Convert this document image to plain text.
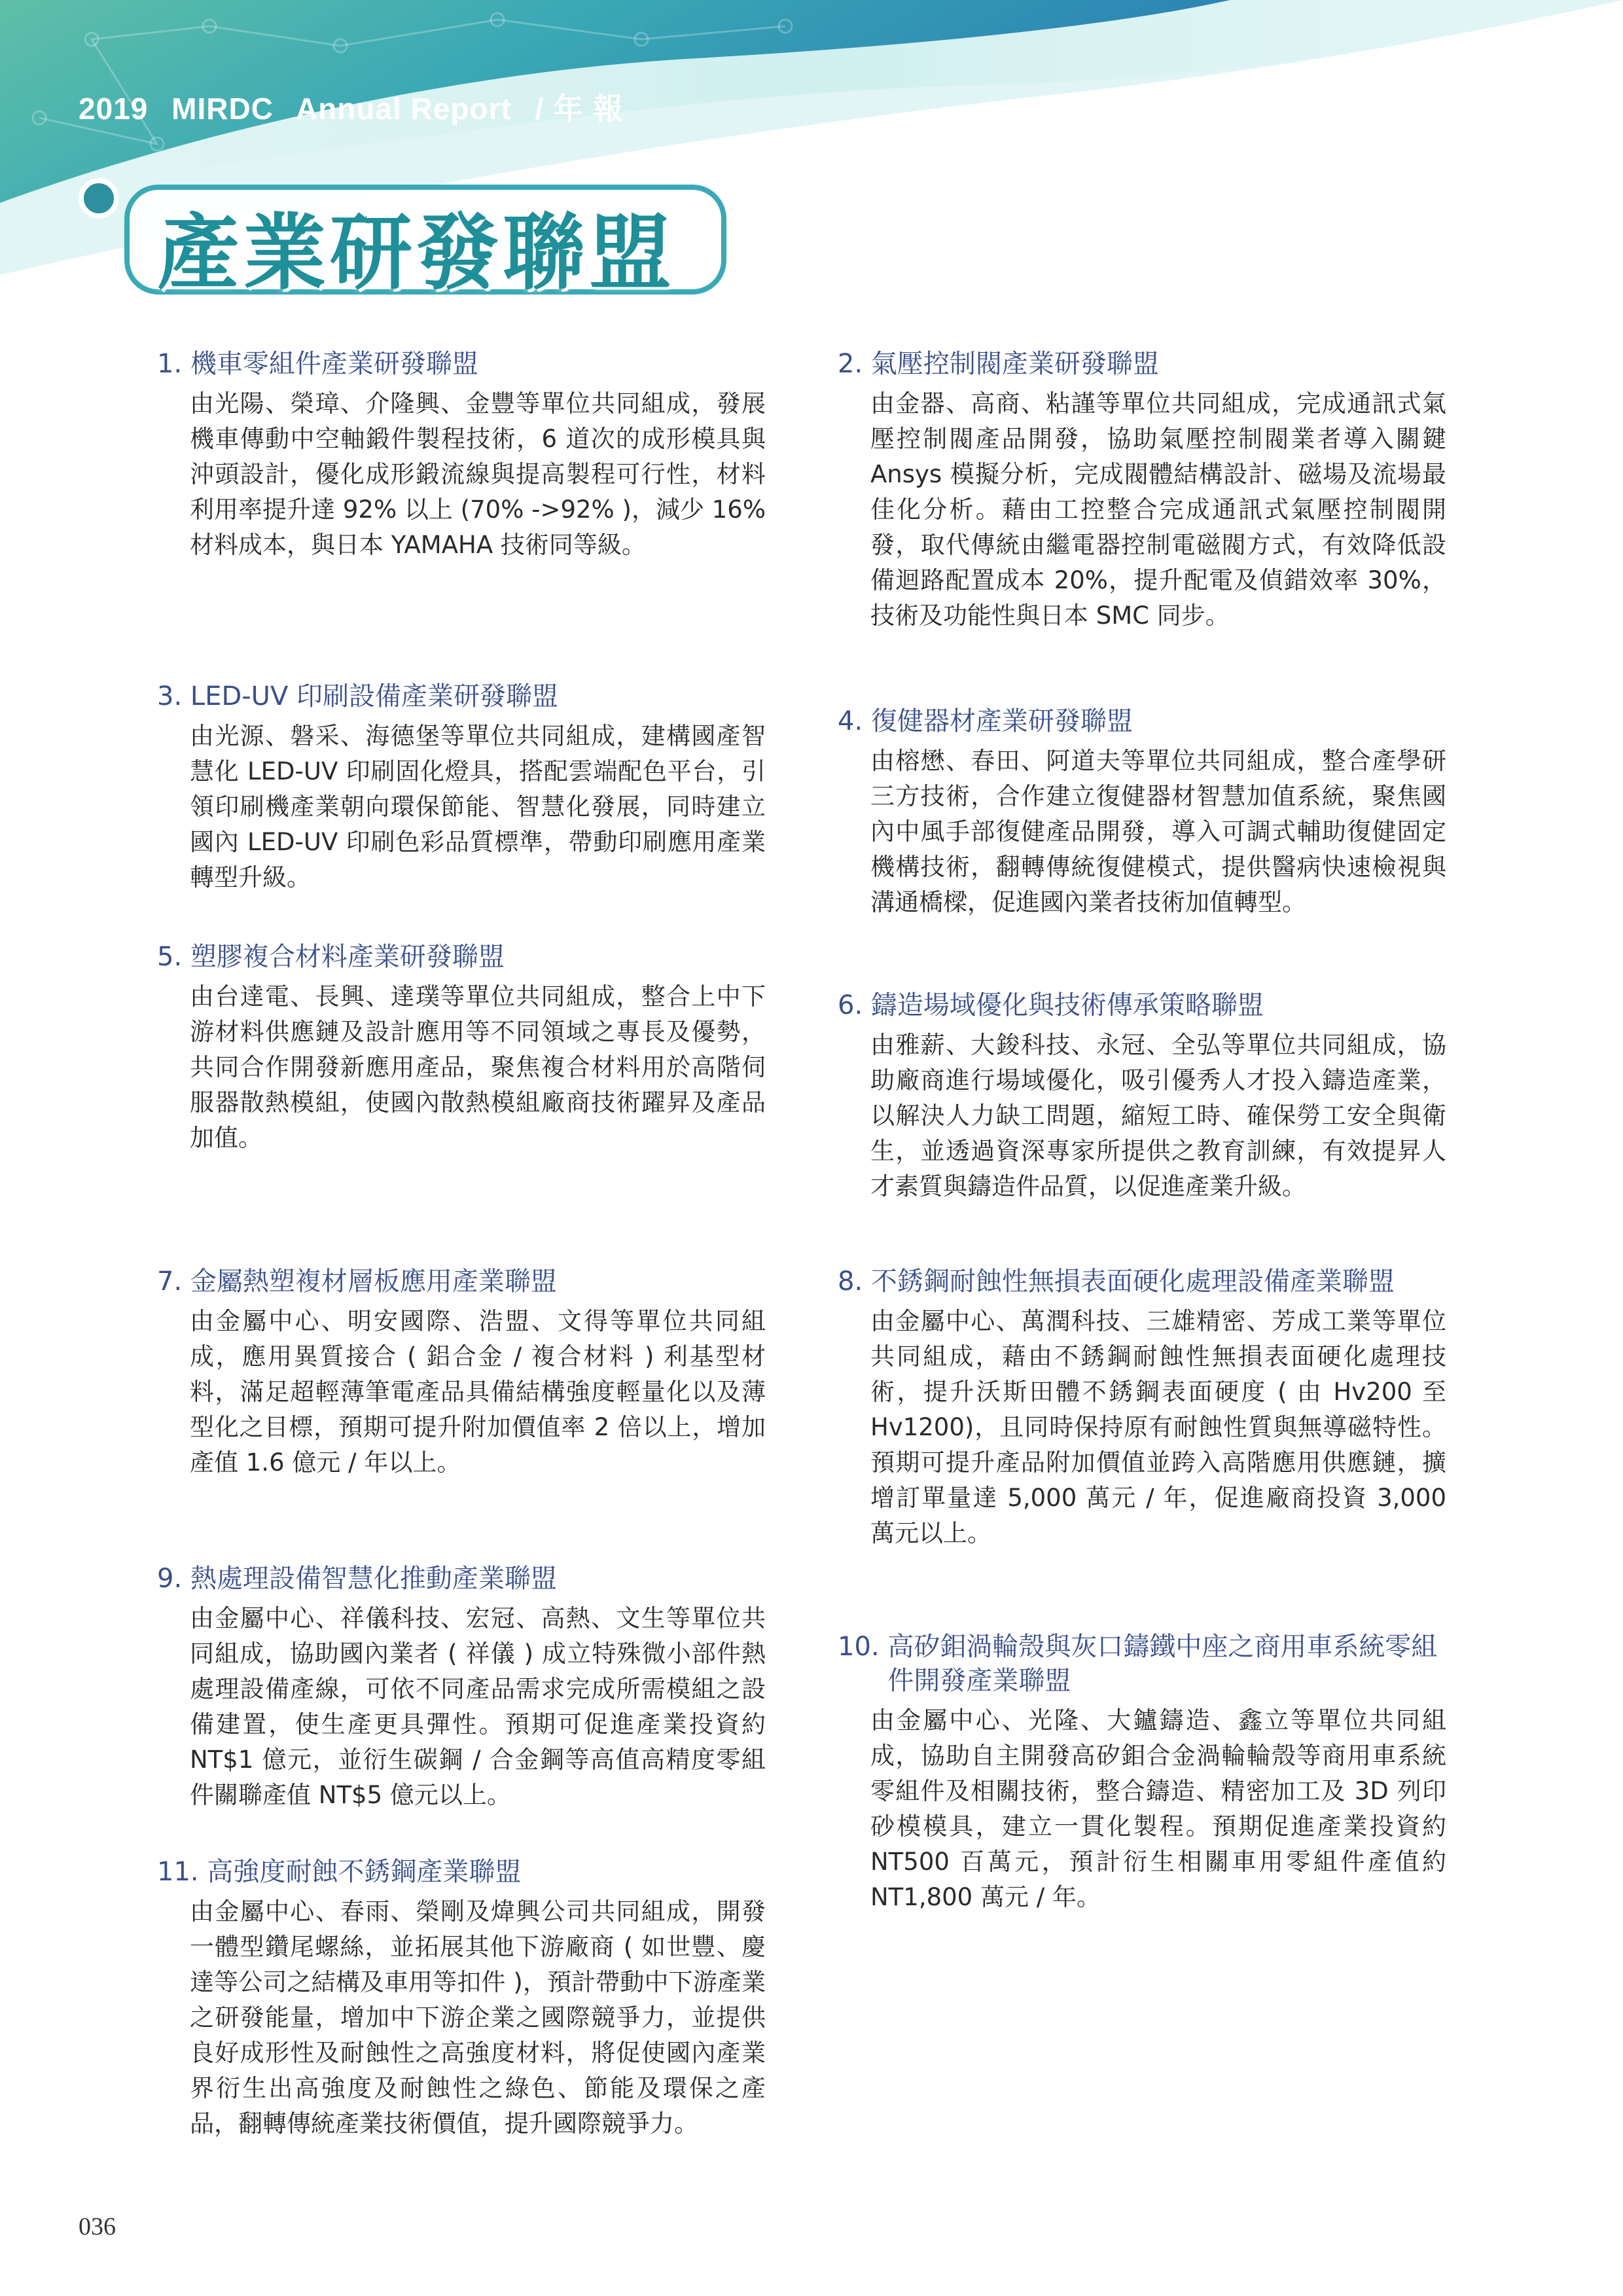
2019 MIRDC Annual Report / 年 報
產業研發聯盟
1.
機車零組件產業研發聯盟

由光陽、榮璋、介隆興、金豐等單位共同組成，發展機車傳動中空軸鍛件製程技術，6 道次的成形模具與沖頭設計，優化成形鍛流線與提高製程可行性，材料利用率提升達 92% 以上 (70% ->92% )，減少 16% 材料成本，與日本 YAMAHA 技術同等級。

3.
LED-UV 印刷設備產業研發聯盟

由光源、磐采、海德堡等單位共同組成，建構國產智慧化 LED-UV 印刷固化燈具，搭配雲端配色平台，引領印刷機產業朝向環保節能、智慧化發展，同時建立國內 LED-UV 印刷色彩品質標準，帶動印刷應用產業轉型升級。

5.
塑膠複合材料產業研發聯盟

由台達電、長興、達璞等單位共同組成，整合上中下游材料供應鏈及設計應用等不同領域之專長及優勢，共同合作開發新應用產品，聚焦複合材料用於高階伺服器散熱模組，使國內散熱模組廠商技術躍昇及產品加值。

7.
金屬熱塑複材層板應用產業聯盟

由金屬中心、明安國際、浩盟、文得等單位共同組成，應用異質接合 ( 鋁合金 / 複合材料 ) 利基型材料，滿足超輕薄筆電產品具備結構強度輕量化以及薄型化之目標，預期可提升附加價值率 2 倍以上，增加產值 1.6 億元 / 年以上。

9.
熱處理設備智慧化推動產業聯盟

由金屬中心、祥儀科技、宏冠、高熱、文生等單位共同組成，協助國內業者 ( 祥儀 ) 成立特殊微小部件熱處理設備產線，可依不同產品需求完成所需模組之設備建置，使生產更具彈性。預期可促進產業投資約 NT$1 億元，並衍生碳鋼 / 合金鋼等高值高精度零組件關聯產值 NT$5 億元以上。

11.
高強度耐蝕不銹鋼產業聯盟

由金屬中心、春雨、榮剛及煒興公司共同組成，開發一體型鑽尾螺絲，並拓展其他下游廠商 ( 如世豐、慶達等公司之結構及車用等扣件 )，預計帶動中下游產業之研發能量，增加中下游企業之國際競爭力，並提供良好成形性及耐蝕性之高強度材料，將促使國內產業界衍生出高強度及耐蝕性之綠色、節能及環保之產品，翻轉傳統產業技術價值，提升國際競爭力。

2.
氣壓控制閥產業研發聯盟

由金器、高商、粘謹等單位共同組成，完成通訊式氣壓控制閥產品開發，協助氣壓控制閥業者導入關鍵 Ansys 模擬分析，完成閥體結構設計、磁場及流場最佳化分析。藉由工控整合完成通訊式氣壓控制閥開發，取代傳統由繼電器控制電磁閥方式，有效降低設備迴路配置成本 20%，提升配電及偵錯效率 30%，技術及功能性與日本 SMC 同步。

4.
復健器材產業研發聯盟

由榕懋、春田、阿道夫等單位共同組成，整合產學研三方技術，合作建立復健器材智慧加值系統，聚焦國內中風手部復健產品開發，導入可調式輔助復健固定機構技術，翻轉傳統復健模式，提供醫病快速檢視與溝通橋樑，促進國內業者技術加值轉型。

6.
鑄造場域優化與技術傳承策略聯盟

由雅薪、大鋑科技、永冠、全弘等單位共同組成，協助廠商進行場域優化，吸引優秀人才投入鑄造產業，以解決人力缺工問題，縮短工時、確保勞工安全與衛生，並透過資深專家所提供之教育訓練，有效提昇人才素質與鑄造件品質，以促進產業升級。

8.
不銹鋼耐蝕性無損表面硬化處理設備產業聯盟

由金屬中心、萬潤科技、三雄精密、芳成工業等單位共同組成，藉由不銹鋼耐蝕性無損表面硬化處理技術，提升沃斯田體不銹鋼表面硬度 ( 由 Hv200 至 Hv1200)，且同時保持原有耐蝕性質與無導磁特性。預期可提升產品附加價值並跨入高階應用供應鏈，擴增訂單量達 5,000 萬元 / 年，促進廠商投資 3,000 萬元以上。

10.
高矽鉬渦輪殼與灰口鑄鐵中座之商用車系統零組件開發產業聯盟

由金屬中心、光隆、大鑪鑄造、鑫立等單位共同組成，協助自主開發高矽鉬合金渦輪輪殼等商用車系統零組件及相關技術，整合鑄造、精密加工及 3D 列印砂模模具，建立一貫化製程。預期促進產業投資約 NT500 百萬元，預計衍生相關車用零組件產值約 NT1,800 萬元 / 年。

036
